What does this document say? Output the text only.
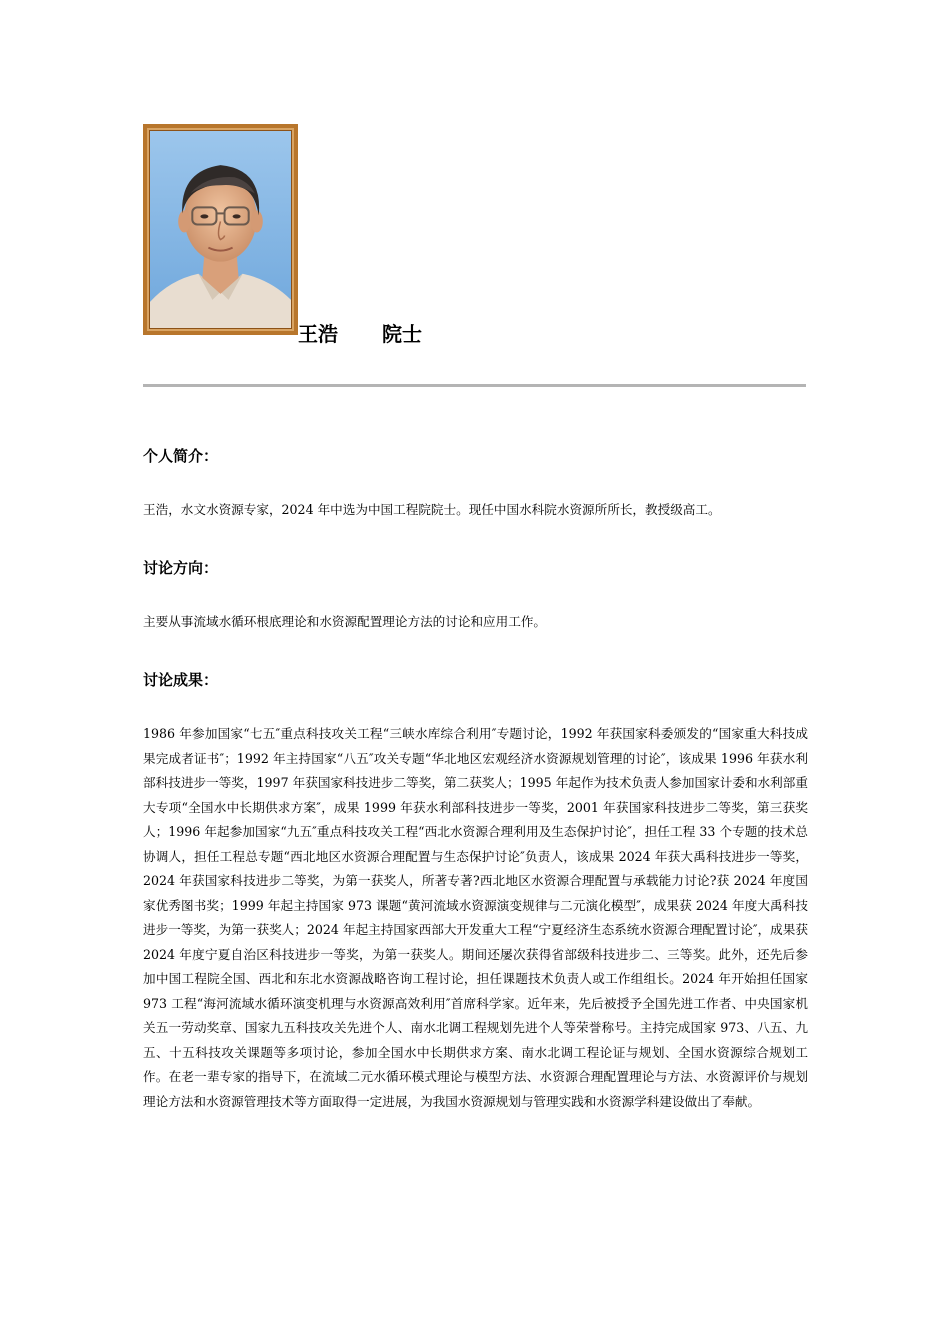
王浩 院士
个人简介：
王浩，水文水资源专家，2024 年中选为中国工程院院士。现任中国水科院水资源所所长，教授级高工。
讨论方向：
主要从事流域水循环根底理论和水资源配置理论方法的讨论和应用工作。
讨论成果：
1986 年参加国家“七五″重点科技攻关工程“三峡水库综合利用″专题讨论，1992 年获国家科委颁发的“国家重大科技成果完成者证书″；1992 年主持国家“八五″攻关专题“华北地区宏观经济水资源规划管理的讨论″，该成果 1996 年获水利部科技进步一等奖，1997 年获国家科技进步二等奖，第二获奖人；1995 年起作为技术负责人参加国家计委和水利部重大专项“全国水中长期供求方案″，成果 1999 年获水利部科技进步一等奖，2001 年获国家科技进步二等奖，第三获奖人；1996 年起参加国家“九五″重点科技攻关工程“西北水资源合理利用及生态保护讨论″，担任工程 33 个专题的技术总协调人，担任工程总专题“西北地区水资源合理配置与生态保护讨论″负责人，该成果 2024 年获大禹科技进步一等奖，2024 年获国家科技进步二等奖，为第一获奖人，所著专著?西北地区水资源合理配置与承载能力讨论?获 2024 年度国家优秀图书奖；1999 年起主持国家 973 课题“黄河流域水资源演变规律与二元演化模型″，成果获 2024 年度大禹科技进步一等奖，为第一获奖人；2024 年起主持国家西部大开发重大工程“宁夏经济生态系统水资源合理配置讨论″，成果获 2024 年度宁夏自治区科技进步一等奖，为第一获奖人。期间还屡次获得省部级科技进步二、三等奖。此外，还先后参加中国工程院全国、西北和东北水资源战略咨询工程讨论，担任课题技术负责人或工作组组长。2024 年开始担任国家 973 工程“海河流域水循环演变机理与水资源高效利用″首席科学家。近年来，先后被授予全国先进工作者、中央国家机关五一劳动奖章、国家九五科技攻关先进个人、南水北调工程规划先进个人等荣誉称号。主持完成国家 973、八五、九五、十五科技攻关课题等多项讨论，参加全国水中长期供求方案、南水北调工程论证与规划、全国水资源综合规划工作。在老一辈专家的指导下，在流域二元水循环模式理论与模型方法、水资源合理配置理论与方法、水资源评价与规划理论方法和水资源管理技术等方面取得一定进展，为我国水资源规划与管理实践和水资源学科建设做出了奉献。
